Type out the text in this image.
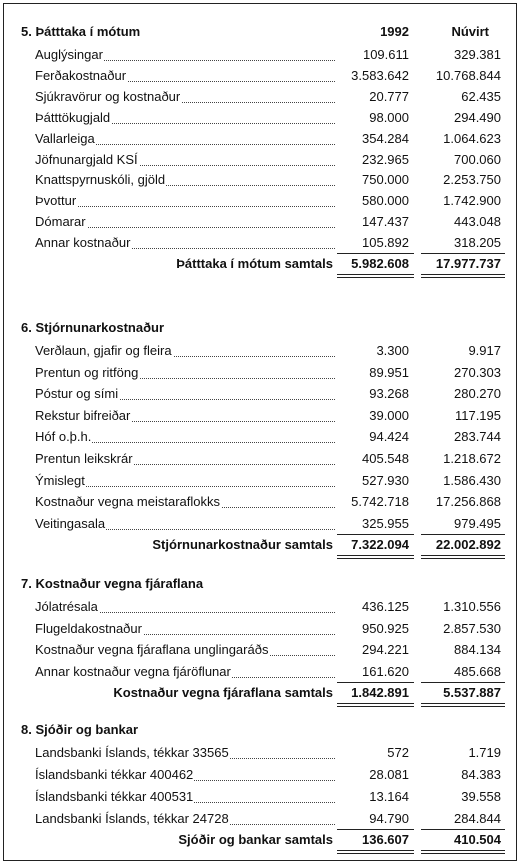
5. Þátttaka í mótum	1992	Núvirt
Auglýsingar	109.611	329.381
Ferðakostnaður	3.583.642	10.768.844
Sjúkravörur og kostnaður	20.777	62.435
Þátttökugjald	98.000	294.490
Vallarleiga	354.284	1.064.623
Jöfnunargjald KSÍ	232.965	700.060
Knattspyrnuskóli, gjöld	750.000	2.253.750
Þvottur	580.000	1.742.900
Dómarar	147.437	443.048
Annar kostnaður	105.892	318.205
Þátttaka í mótum samtals	5.982.608	17.977.737
6. Stjórnunarkostnaður
Verðlaun, gjafir og fleira	3.300	9.917
Prentun og ritföng	89.951	270.303
Póstur og sími	93.268	280.270
Rekstur bifreiðar	39.000	117.195
Hóf o.þ.h.	94.424	283.744
Prentun leikskrár	405.548	1.218.672
Ýmislegt	527.930	1.586.430
Kostnaður vegna meistaraflokks	5.742.718	17.256.868
Veitingasala	325.955	979.495
Stjórnunarkostnaður samtals	7.322.094	22.002.892
7. Kostnaður vegna fjáraflana
Jólatrésala	436.125	1.310.556
Flugeldakostnaður	950.925	2.857.530
Kostnaður vegna fjáraflana unglingaráðs	294.221	884.134
Annar kostnaður vegna fjáröflunar	161.620	485.668
Kostnaður vegna fjáraflana samtals	1.842.891	5.537.887
8. Sjóðir og bankar
Landsbanki Íslands, tékkar 33565	572	1.719
Íslandsbanki tékkar 400462	28.081	84.383
Íslandsbanki tékkar 400531	13.164	39.558
Landsbanki Íslands, tékkar 24728	94.790	284.844
Sjóðir og bankar samtals	136.607	410.504
